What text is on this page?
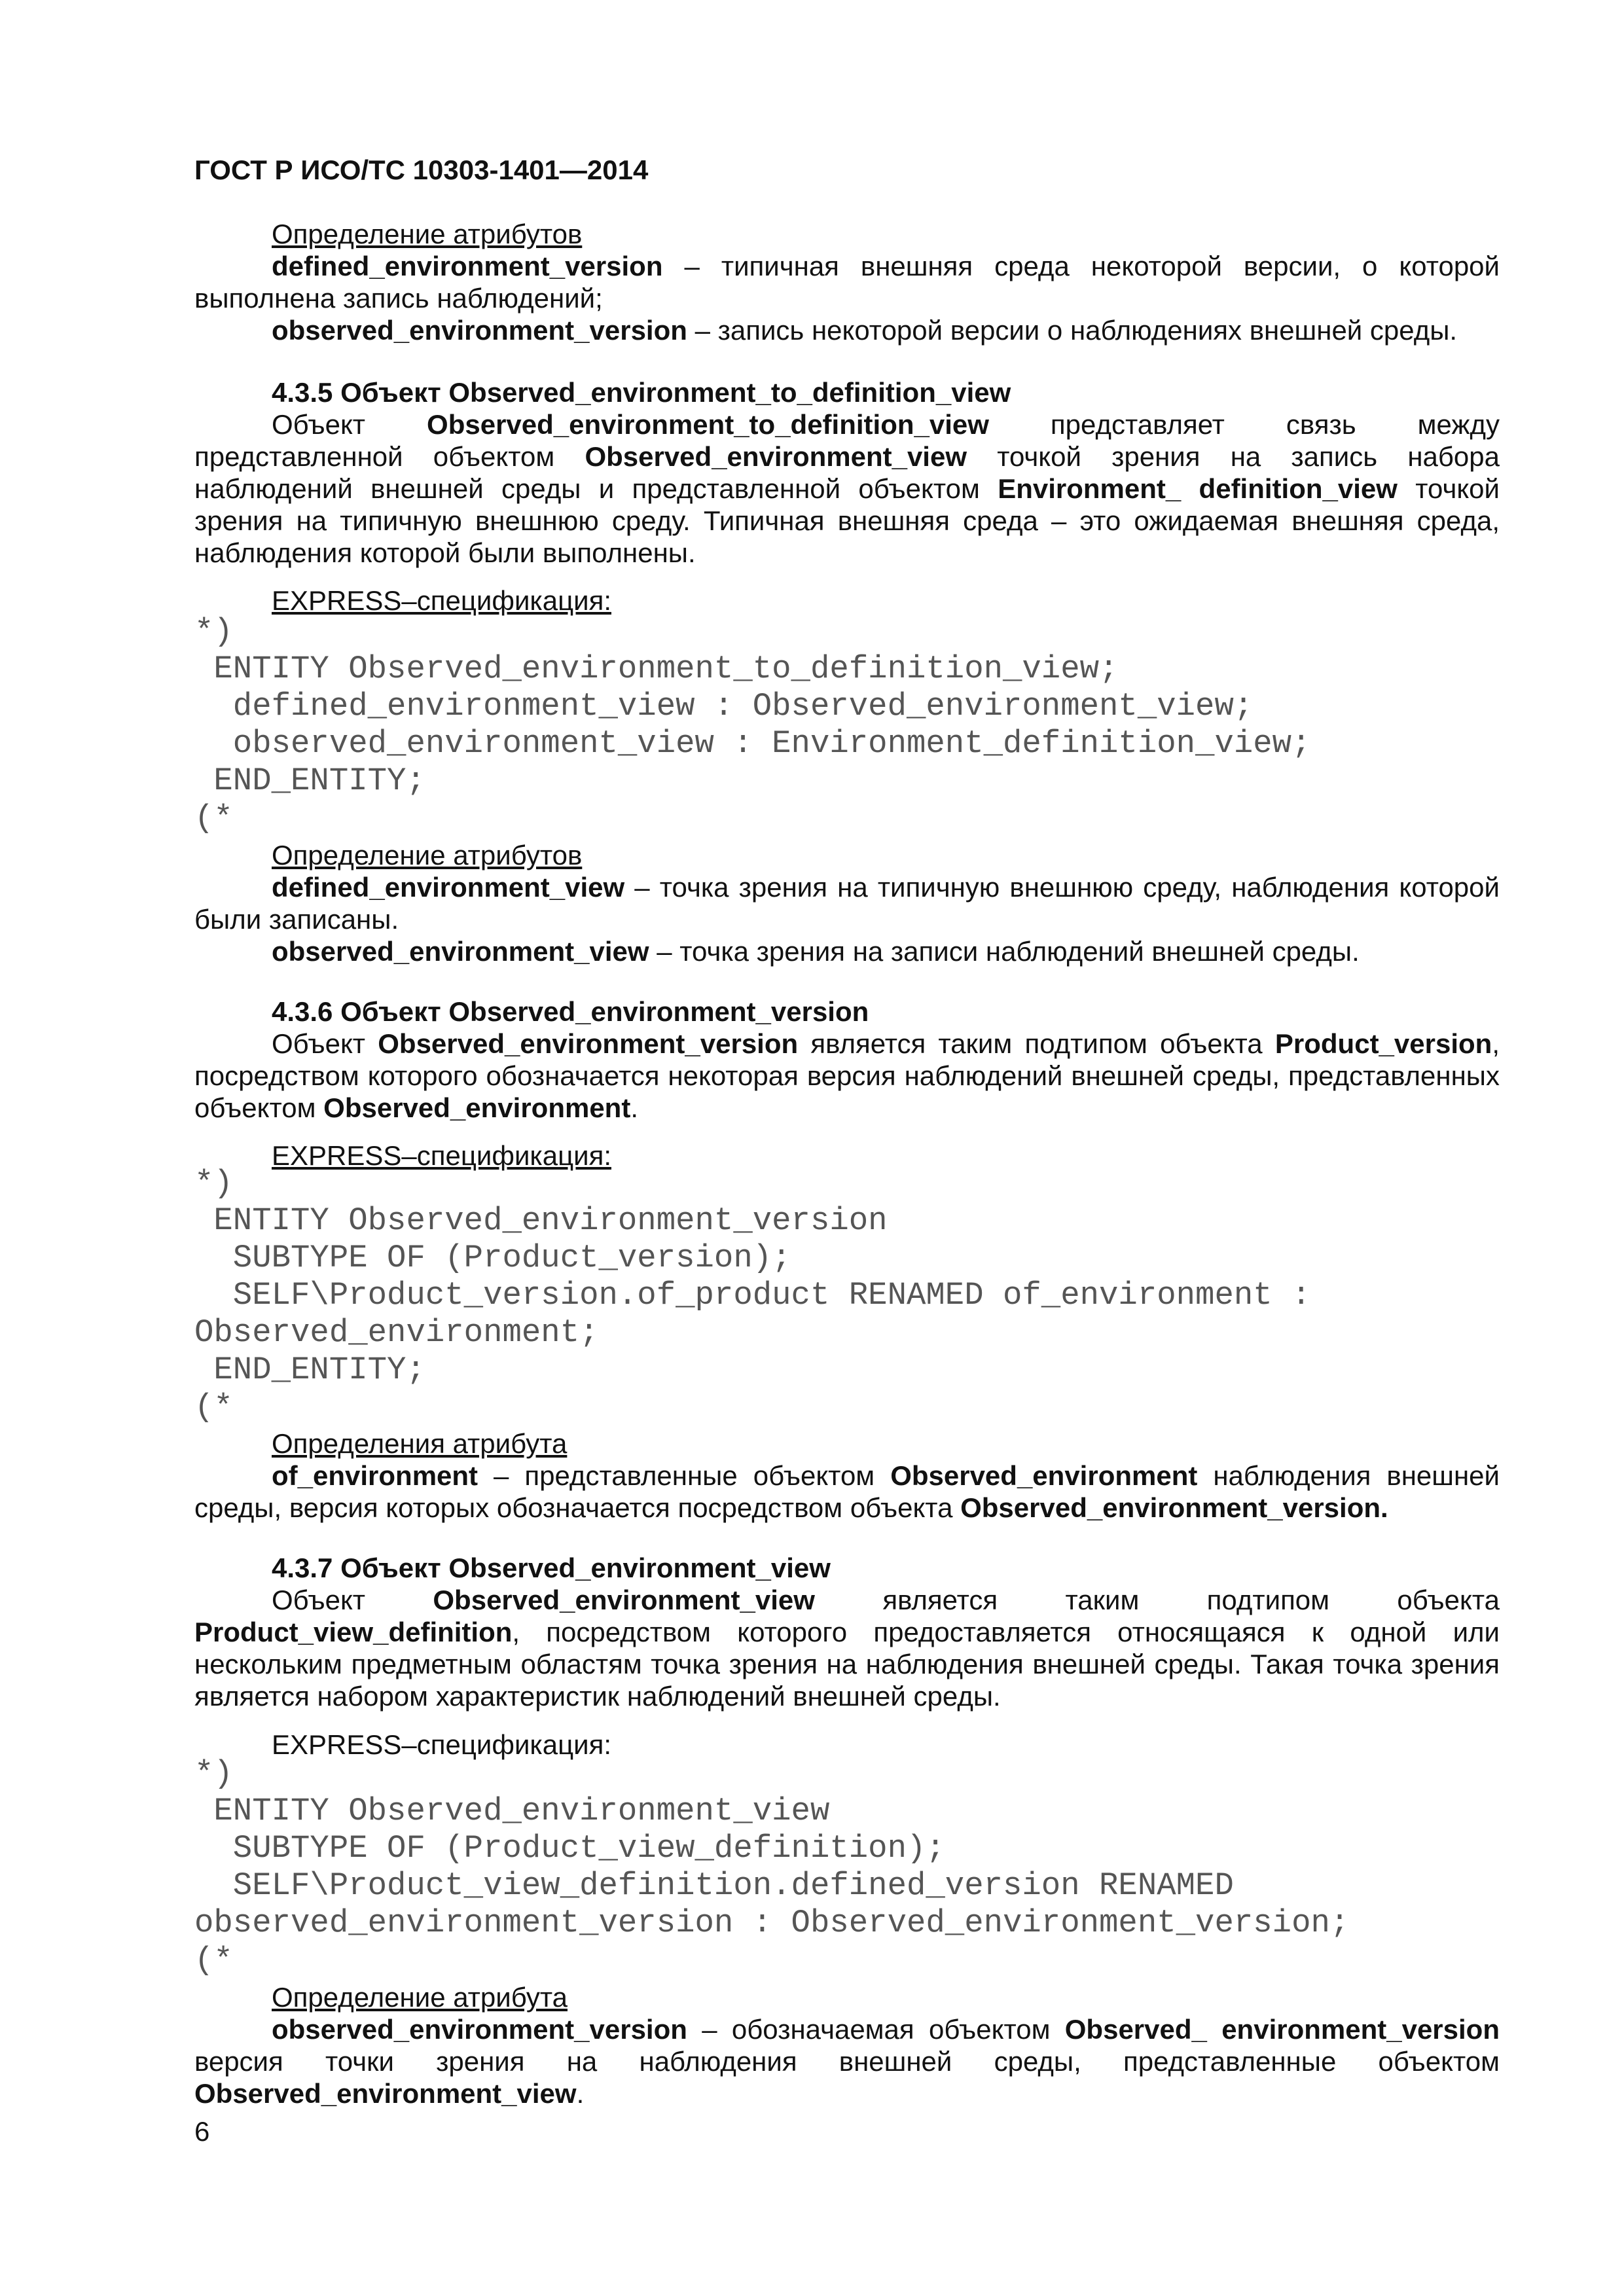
ГОСТ Р ИСО/ТС 10303-1401—2014
Определение атрибутов
defined_environment_version – типичная внешняя среда некоторой версии, о которой выполнена запись наблюдений;
observed_environment_version – запись некоторой версии о наблюдениях внешней среды.
4.3.5 Объект Observed_environment_to_definition_view
Объект Observed_environment_to_definition_view представляет связь между представленной объектом Observed_environment_view точкой зрения на запись набора наблюдений внешней среды и представленной объектом Environment_ definition_view точкой зрения на типичную внешнюю среду. Типичная внешняя среда – это ожидаемая внешняя среда, наблюдения которой были выполнены.
EXPRESS–спецификация:
*)
ENTITY Observed_environment_to_definition_view;
defined_environment_view : Observed_environment_view;
observed_environment_view : Environment_definition_view;
END_ENTITY;
(*
Определение атрибутов
defined_environment_view – точка зрения на типичную внешнюю среду, наблюдения которой были записаны.
observed_environment_view – точка зрения на записи наблюдений внешней среды.
4.3.6 Объект Observed_environment_version
Объект Observed_environment_version является таким подтипом объекта Product_version, посредством которого обозначается некоторая версия наблюдений внешней среды, представленных объектом Observed_environment.
EXPRESS–спецификация:
*)
ENTITY Observed_environment_version
SUBTYPE OF (Product_version);
SELF\Product_version.of_product RENAMED of_environment :
Observed_environment;
END_ENTITY;
(*
Определения атрибута
of_environment – представленные объектом Observed_environment наблюдения внешней среды, версия которых обозначается посредством объекта Observed_environment_version.
4.3.7 Объект Observed_environment_view
Объект Observed_environment_view является таким подтипом объекта Product_view_definition, посредством которого предоставляется относящаяся к одной или нескольким предметным областям точка зрения на наблюдения внешней среды. Такая точка зрения является набором характеристик наблюдений внешней среды.
EXPRESS–спецификация:
*)
ENTITY Observed_environment_view
SUBTYPE OF (Product_view_definition);
SELF\Product_view_definition.defined_version RENAMED
observed_environment_version : Observed_environment_version;
(*
Определение атрибута
observed_environment_version – обозначаемая объектом Observed_ environment_version версия точки зрения на наблюдения внешней среды, представленные объектом Observed_environment_view.
6
